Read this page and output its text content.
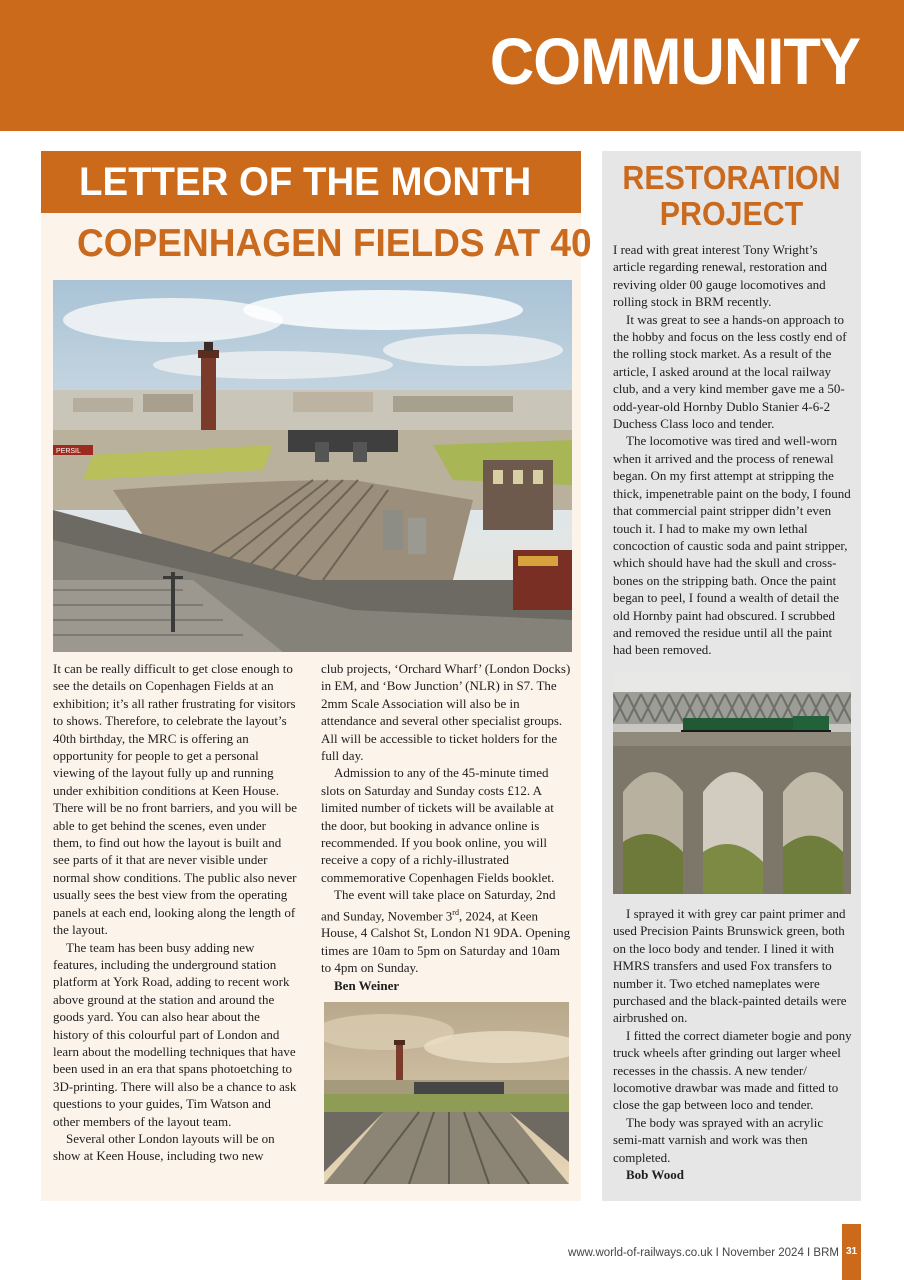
COMMUNITY
LETTER OF THE MONTH
COPENHAGEN FIELDS AT 40
PERSIL

It can be really difficult to get close enough to see the details on Copenhagen Fields at an exhibition; it’s all rather frustrating for visitors to shows. Therefore, to celebrate the layout’s 40th birthday, the MRC is offering an opportunity for people to get a personal viewing of the layout fully up and running under exhibition conditions at Keen House. There will be no front barriers, and you will be able to get behind the scenes, even under them, to find out how the layout is built and see parts of it that are never visible under normal show conditions. The public also never usually sees the best view from the operating panels at each end, looking along the length of the layout.

The team has been busy adding new features, including the underground station platform at York Road, adding to recent work above ground at the station and around the goods yard. You can also hear about the history of this colourful part of London and learn about the modelling techniques that have been used in an era that spans photoetching to 3D-printing. There will also be a chance to ask questions to your guides, Tim Watson and other members of the layout team.

Several other London layouts will be on show at Keen House, including two new

club projects, ‘Orchard Wharf’ (London Docks) in EM, and ‘Bow Junction’ (NLR) in S7. The 2mm Scale Association will also be in attendance and several other specialist groups. All will be accessible to ticket holders for the full day.

Admission to any of the 45-minute timed slots on Saturday and Sunday costs £12. A limited number of tickets will be available at the door, but booking in advance online is recommended. If you book online, you will receive a copy of a richly-illustrated commemorative Copenhagen Fields booklet.

The event will take place on Saturday, 2nd and Sunday, November 3rd, 2024, at Keen House, 4 Calshot St, London N1 9DA. Opening times are 10am to 5pm on Saturday and 10am to 4pm on Sunday.

Ben Weiner

RESTORATION
PROJECT

I read with great interest Tony Wright’s article regarding renewal, restoration and reviving older 00 gauge locomotives and rolling stock in BRM recently.

It was great to see a hands-on approach to the hobby and focus on the less costly end of the rolling stock market. As a result of the article, I asked around at the local railway club, and a very kind member gave me a 50-odd-year-old Hornby Dublo Stanier 4-6-2 Duchess Class loco and tender.

The locomotive was tired and well-worn when it arrived and the process of renewal began. On my first attempt at stripping the thick, impenetrable paint on the body, I found that commercial paint stripper didn’t even touch it. I had to make my own lethal concoction of caustic soda and paint stripper, which should have had the skull and cross-bones on the stripping bath. Once the paint began to peel, I found a wealth of detail the old Hornby paint had obscured. I scrubbed and removed the residue until all the paint had been removed.

I sprayed it with grey car paint primer and used Precision Paints Brunswick green, both on the loco body and tender. I lined it with HMRS transfers and used Fox transfers to number it. Two etched nameplates were purchased and the black-painted details were airbrushed on.

I fitted the correct diameter bogie and pony truck wheels after grinding out larger wheel recesses in the chassis. A new tender/ locomotive drawbar was made and fitted to close the gap between loco and tender.

The body was sprayed with an acrylic semi-matt varnish and work was then completed.

Bob Wood

www.world-of-railways.co.uk I November 2024 I BRM 31
